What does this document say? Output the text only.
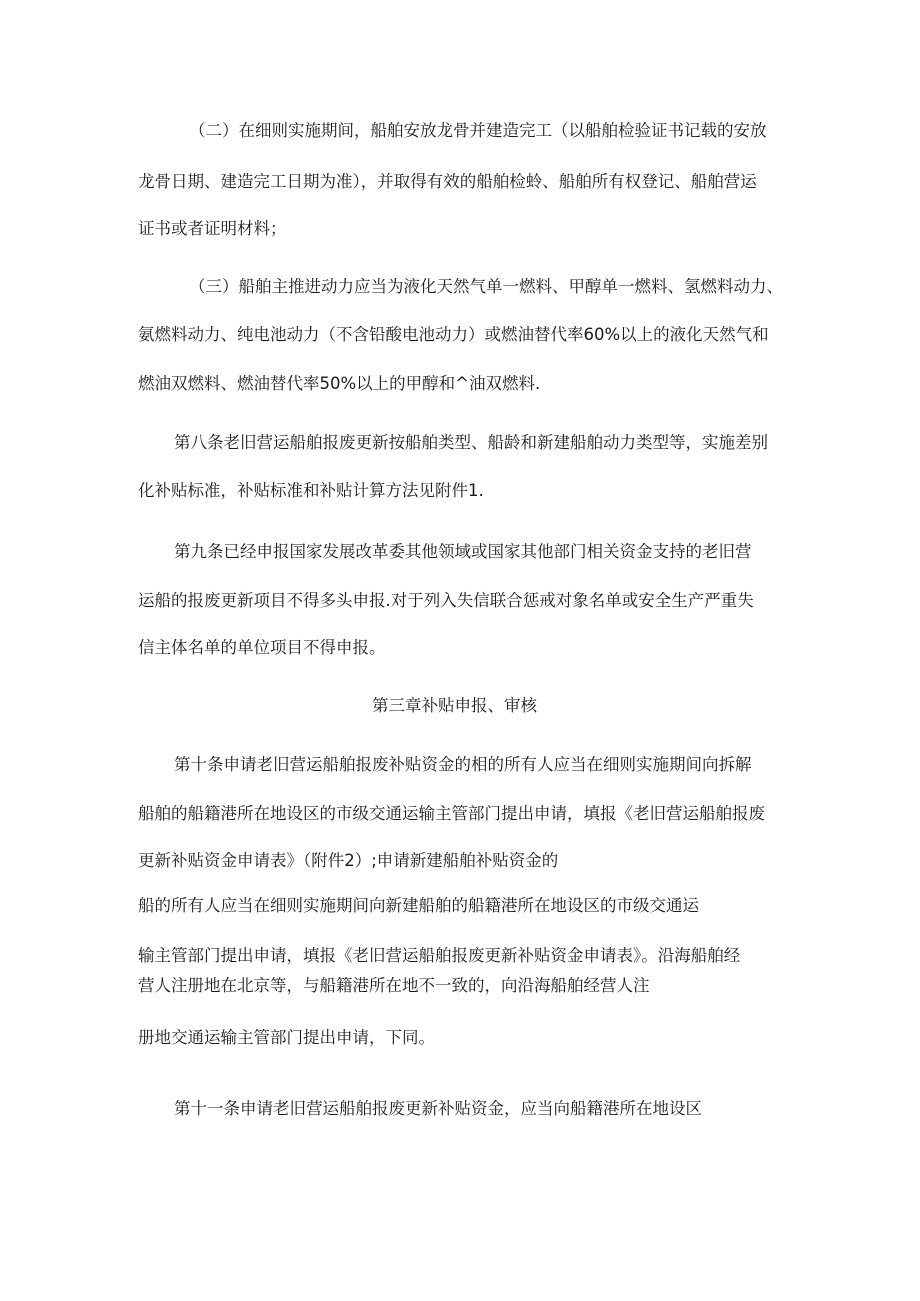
（二）在细则实施期间，船舶安放龙骨并建造完工（以船舶检验证书记载的安放
龙骨日期、建造完工日期为准），并取得有效的船舶检蛉、船舶所有权登记、船舶营运
证书或者证明材料；
（三）船舶主推进动力应当为液化天然气单一燃料、甲醇单一燃料、氢燃料动力、
氨燃料动力、纯电池动力（不含铅酸电池动力）或燃油替代率60%以上的液化天然气和
燃油双燃料、燃油替代率50%以上的甲醇和^油双燃料.
第八条老旧营运船舶报废更新按船舶类型、船龄和新建船舶动力类型等，实施差别
化补贴标准，补贴标准和补贴计算方法见附件1.
第九条已经申报国家发展改革委其他领域或国家其他部门相关资金支持的老旧营
运船的报废更新项目不得多头申报.对于列入失信联合惩戒对象名单或安全生产严重失
信主体名单的单位项目不得申报。
第三章补贴申报、审核
第十条申请老旧营运船舶报废补贴资金的相的所有人应当在细则实施期间向拆解
船舶的船籍港所在地设区的市级交通运输主管部门提出申请，填报《老旧营运船舶报废
更新补贴资金申请表》（附件2）;申请新建船舶补贴资金的
船的所有人应当在细则实施期间向新建船舶的船籍港所在地设区的市级交通运
输主管部门提出申请，填报《老旧营运船舶报废更新补贴资金申请表》。沿海船舶经
营人注册地在北京等，与船籍港所在地不一致的，向沿海船舶经营人注
册地交通运输主管部门提出申请，下同。
第十一条申请老旧营运船舶报废更新补贴资金，应当向船籍港所在地设区
